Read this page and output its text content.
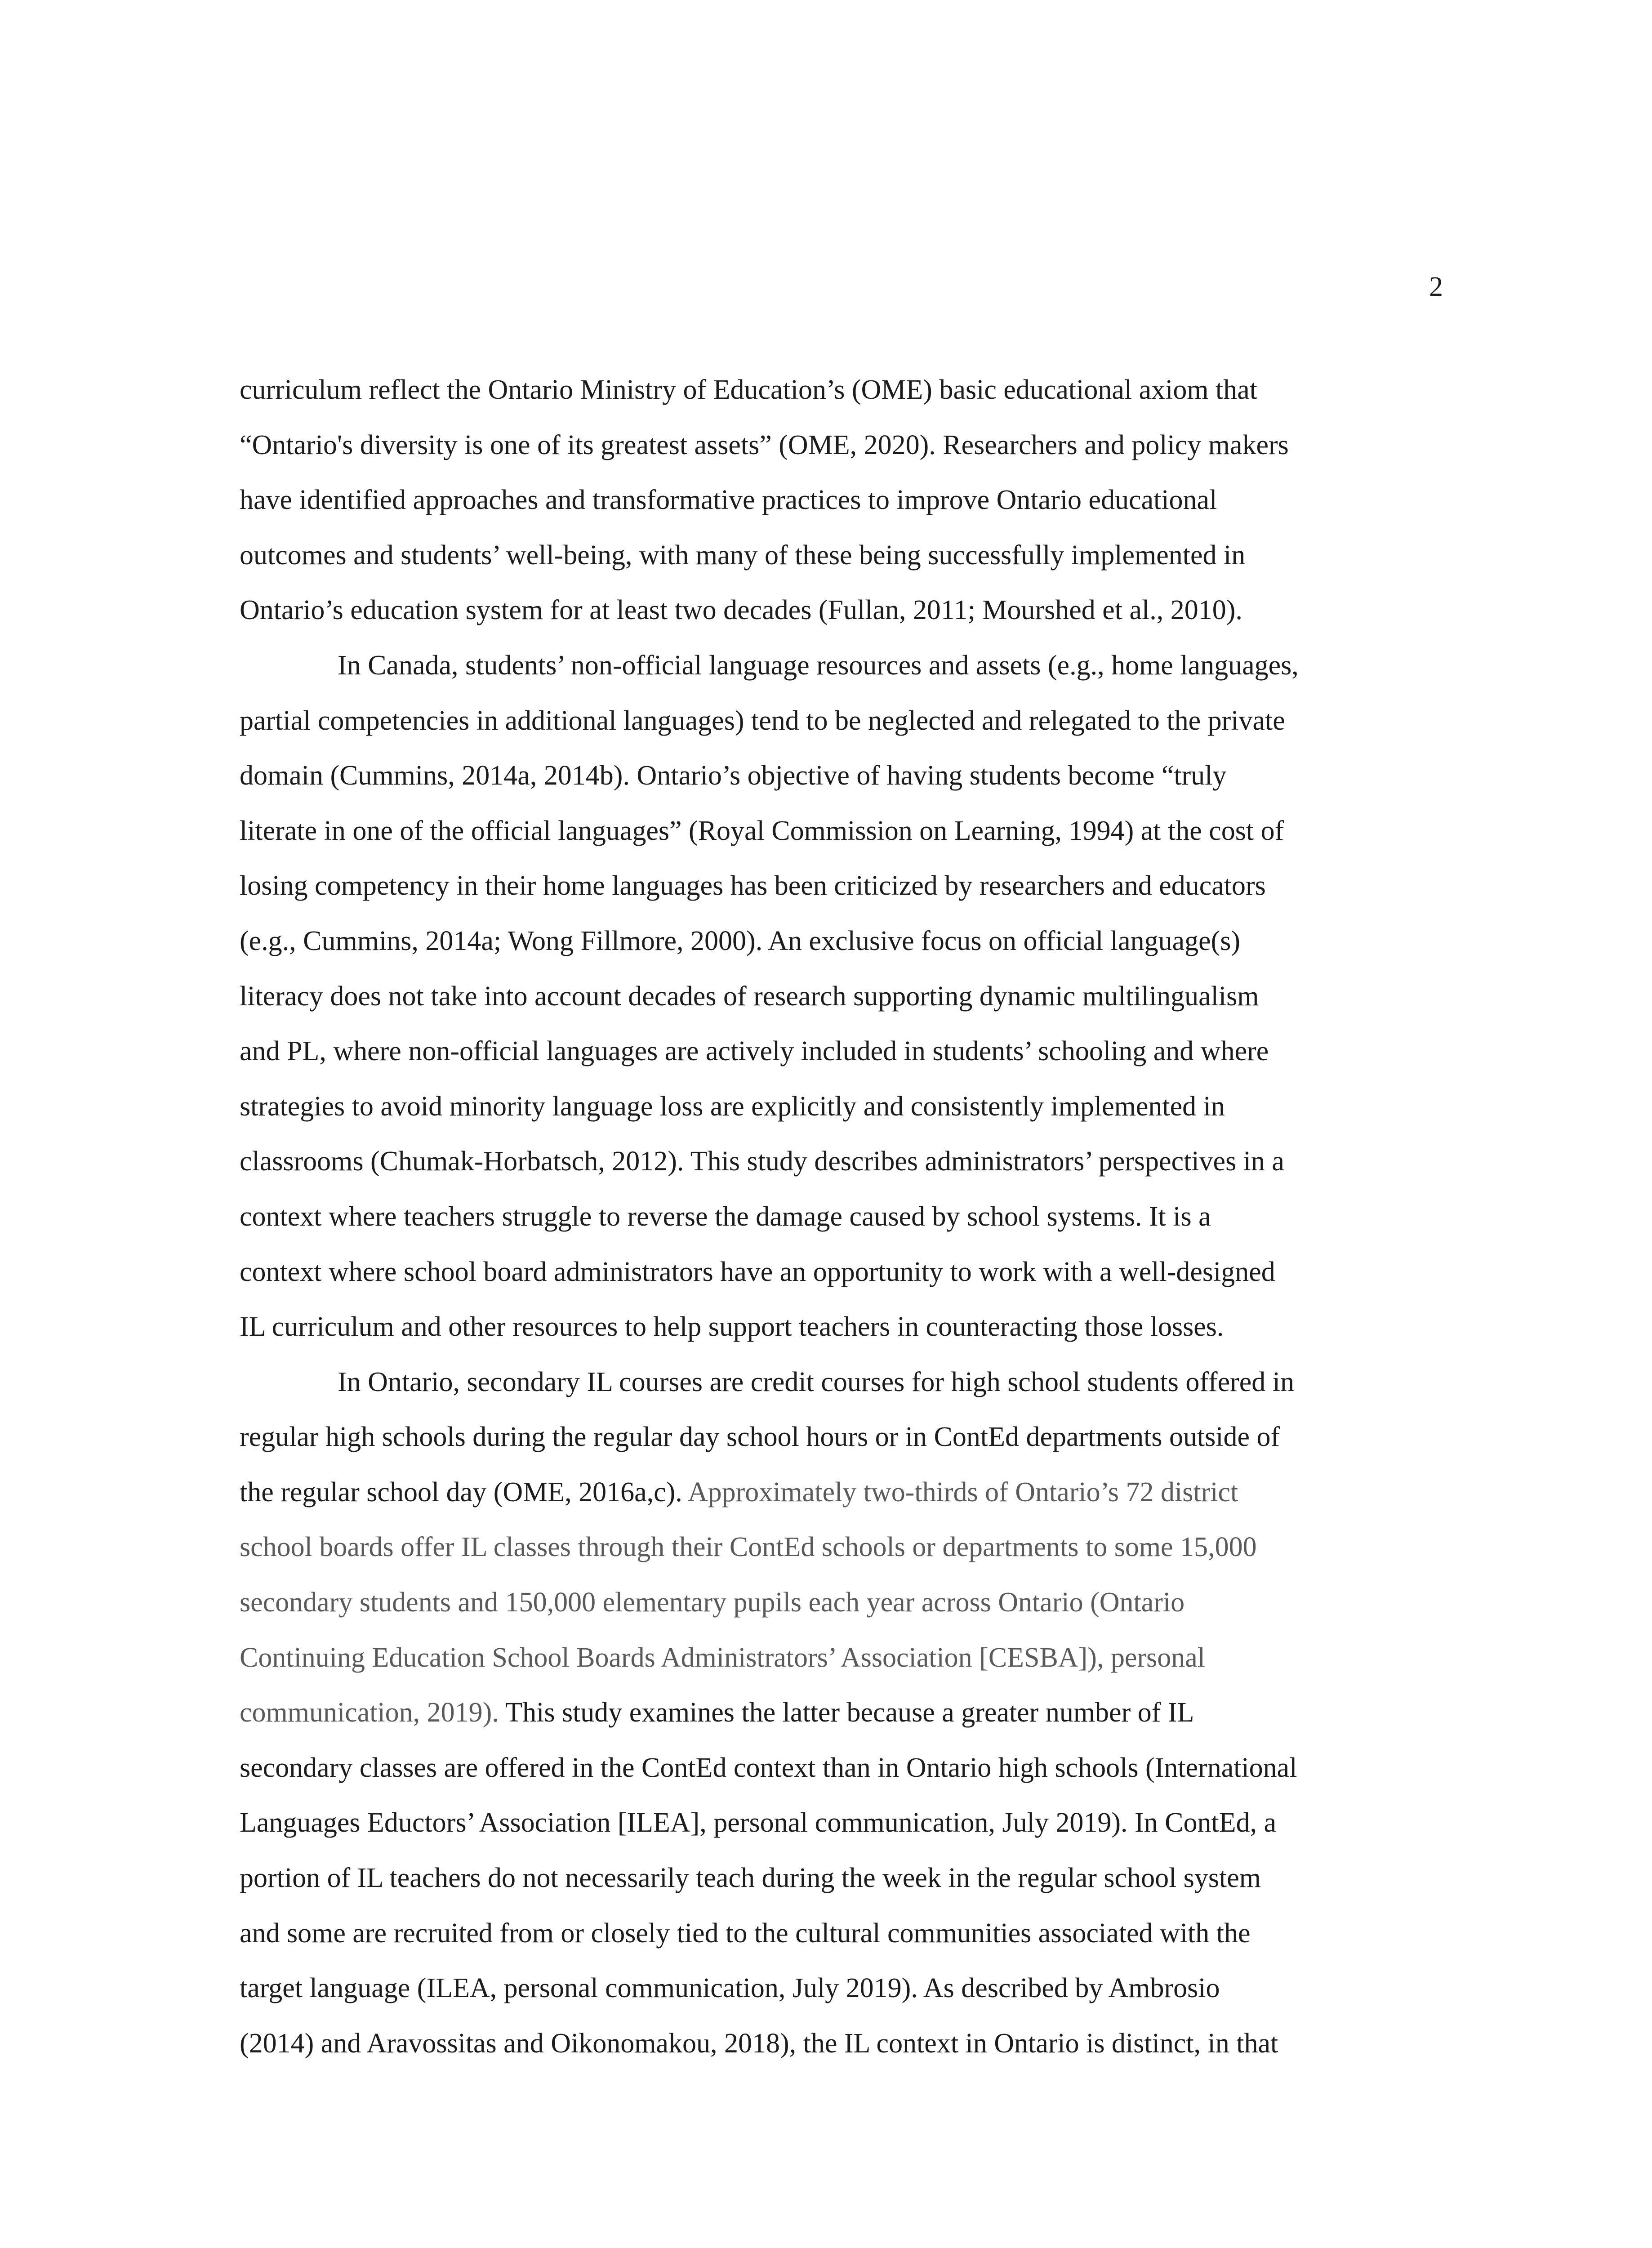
2
curriculum reflect the Ontario Ministry of Education’s (OME) basic educational axiom that
“Ontario's diversity is one of its greatest assets” (OME, 2020). Researchers and policy makers
have identified approaches and transformative practices to improve Ontario educational
outcomes and students’ well-being, with many of these being successfully implemented in
Ontario’s education system for at least two decades (Fullan, 2011; Mourshed et al., 2010).
In Canada, students’ non-official language resources and assets (e.g., home languages,
partial competencies in additional languages) tend to be neglected and relegated to the private
domain (Cummins, 2014a, 2014b). Ontario’s objective of having students become “truly
literate in one of the official languages” (Royal Commission on Learning, 1994) at the cost of
losing competency in their home languages has been criticized by researchers and educators
(e.g., Cummins, 2014a; Wong Fillmore, 2000). An exclusive focus on official language(s)
literacy does not take into account decades of research supporting dynamic multilingualism
and PL, where non-official languages are actively included in students’ schooling and where
strategies to avoid minority language loss are explicitly and consistently implemented in
classrooms (Chumak-Horbatsch, 2012). This study describes administrators’ perspectives in a
context where teachers struggle to reverse the damage caused by school systems. It is a
context where school board administrators have an opportunity to work with a well-designed
IL curriculum and other resources to help support teachers in counteracting those losses.
In Ontario, secondary IL courses are credit courses for high school students offered in
regular high schools during the regular day school hours or in ContEd departments outside of
the regular school day (OME, 2016a,c). Approximately two-thirds of Ontario’s 72 district
school boards offer IL classes through their ContEd schools or departments to some 15,000
secondary students and 150,000 elementary pupils each year across Ontario (Ontario
Continuing Education School Boards Administrators’ Association [CESBA]), personal
communication, 2019). This study examines the latter because a greater number of IL
secondary classes are offered in the ContEd context than in Ontario high schools (International
Languages Eductors’ Association [ILEA], personal communication, July 2019). In ContEd, a
portion of IL teachers do not necessarily teach during the week in the regular school system
and some are recruited from or closely tied to the cultural communities associated with the
target language (ILEA, personal communication, July 2019). As described by Ambrosio
(2014) and Aravossitas and Oikonomakou, 2018), the IL context in Ontario is distinct, in that
